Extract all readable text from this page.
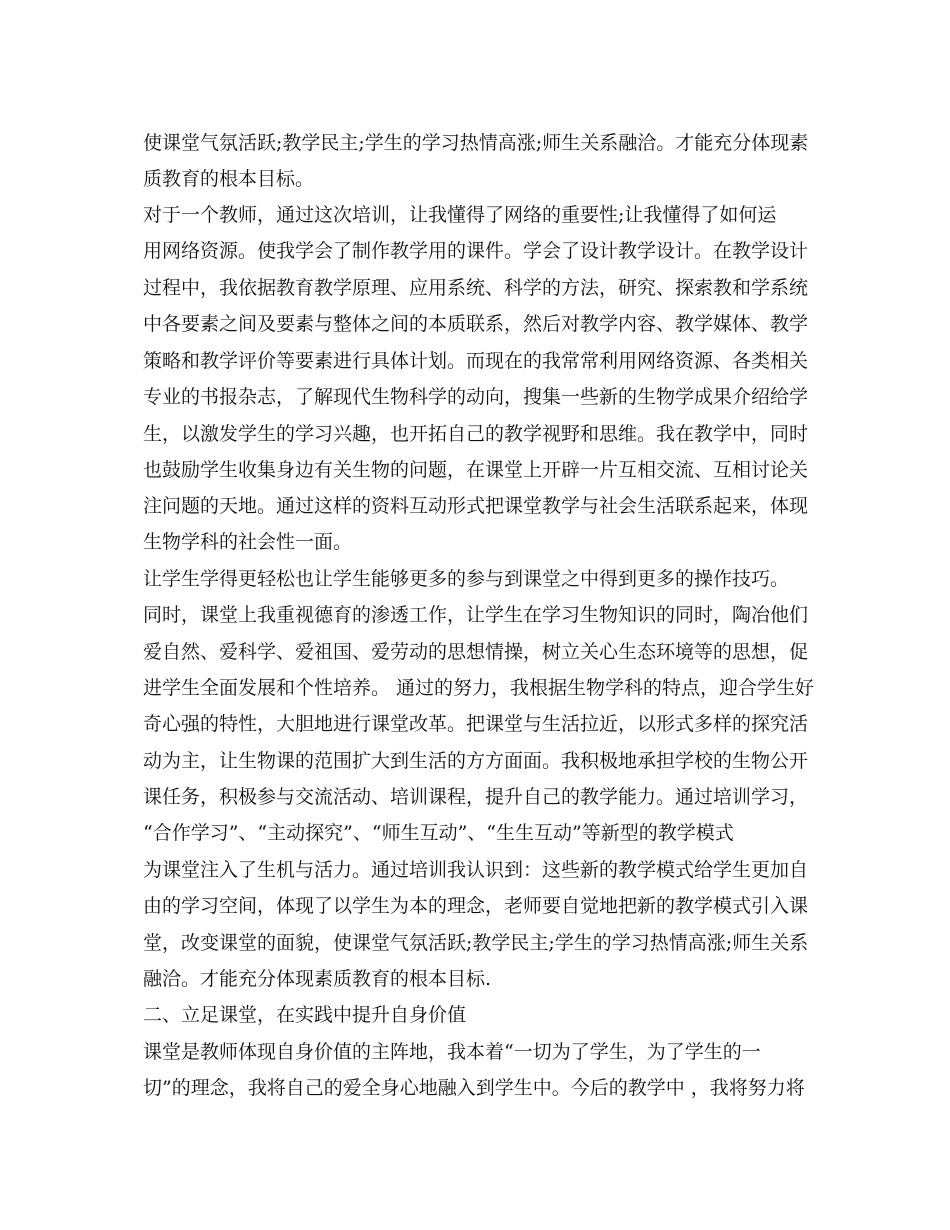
使课堂气氛活跃;教学民主;学生的学习热情高涨;师生关系融洽。才能充分体现素
质教育的根本目标。
对于一个教师，通过这次培训，让我懂得了网络的重要性;让我懂得了如何运
用网络资源。使我学会了制作教学用的课件。学会了设计教学设计。在教学设计
过程中，我依据教育教学原理、应用系统、科学的方法，研究、探索教和学系统
中各要素之间及要素与整体之间的本质联系，然后对教学内容、教学媒体、教学
策略和教学评价等要素进行具体计划。而现在的我常常利用网络资源、各类相关
专业的书报杂志，了解现代生物科学的动向，搜集一些新的生物学成果介绍给学
生，以激发学生的学习兴趣，也开拓自己的教学视野和思维。我在教学中，同时
也鼓励学生收集身边有关生物的问题，在课堂上开辟一片互相交流、互相讨论关
注问题的天地。通过这样的资料互动形式把课堂教学与社会生活联系起来，体现
生物学科的社会性一面。
让学生学得更轻松也让学生能够更多的参与到课堂之中得到更多的操作技巧。
同时，课堂上我重视德育的渗透工作，让学生在学习生物知识的同时，陶冶他们
爱自然、爱科学、爱祖国、爱劳动的思想情操，树立关心生态环境等的思想，促
进学生全面发展和个性培养。 通过的努力，我根据生物学科的特点，迎合学生好
奇心强的特性，大胆地进行课堂改革。把课堂与生活拉近，以形式多样的探究活
动为主，让生物课的范围扩大到生活的方方面面。我积极地承担学校的生物公开
课任务，积极参与交流活动、培训课程，提升自己的教学能力。通过培训学习，
“合作学习”、“主动探究”、“师生互动”、“生生互动”等新型的教学模式
为课堂注入了生机与活力。通过培训我认识到：这些新的教学模式给学生更加自
由的学习空间，体现了以学生为本的理念，老师要自觉地把新的教学模式引入课
堂，改变课堂的面貌，使课堂气氛活跃;教学民主;学生的学习热情高涨;师生关系
融洽。才能充分体现素质教育的根本目标.
二、立足课堂，在实践中提升自身价值
课堂是教师体现自身价值的主阵地，我本着“一切为了学生，为了学生的一
切”的理念，我将自己的爱全身心地融入到学生中。今后的教学中 ，我将努力将
